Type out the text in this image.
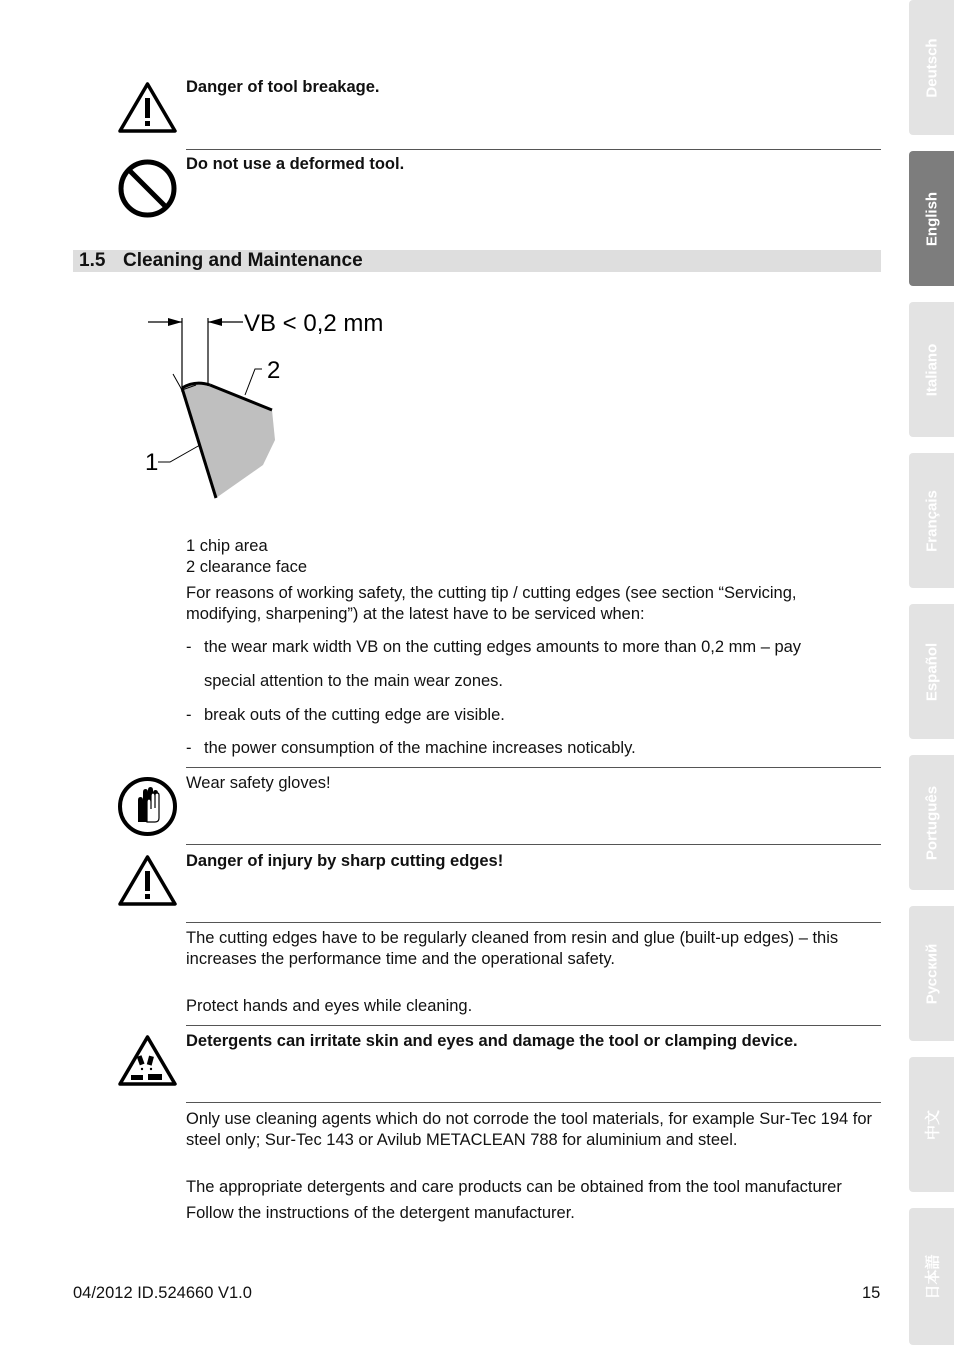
Danger of tool breakage.
Do not use a deformed tool.
1.5 Cleaning and Maintenance
VB < 0,2 mm
2
1
1 chip area
2 clearance face
For reasons of working safety, the cutting tip / cutting edges (see section “Servicing, modifying, sharpening”) at the latest have to be serviced when:
- the wear mark width VB on the cutting edges amounts to more than 0,2 mm – pay
special attention to the main wear zones.
- break outs of the cutting edge are visible.
- the power consumption of the machine increases noticably.
Wear safety gloves!
Danger of injury by sharp cutting edges!
The cutting edges have to be regularly cleaned from resin and glue (built-up edges) – this increases the performance time and the operational safety.
Protect hands and eyes while cleaning.
Detergents can irritate skin and eyes and damage the tool or clamping device.
Only use cleaning agents which do not corrode the tool materials, for example Sur-Tec 194 for steel only; Sur-Tec 143 or Avilub METACLEAN 788 for aluminium and steel.
The appropriate detergents and care products can be obtained from the tool manufacturer
Follow the instructions of the detergent manufacturer.
04/2012 ID.524660 V1.0	15
Deutsch
English
Italiano
Français
Español
Português
Русский
中文
日本語
